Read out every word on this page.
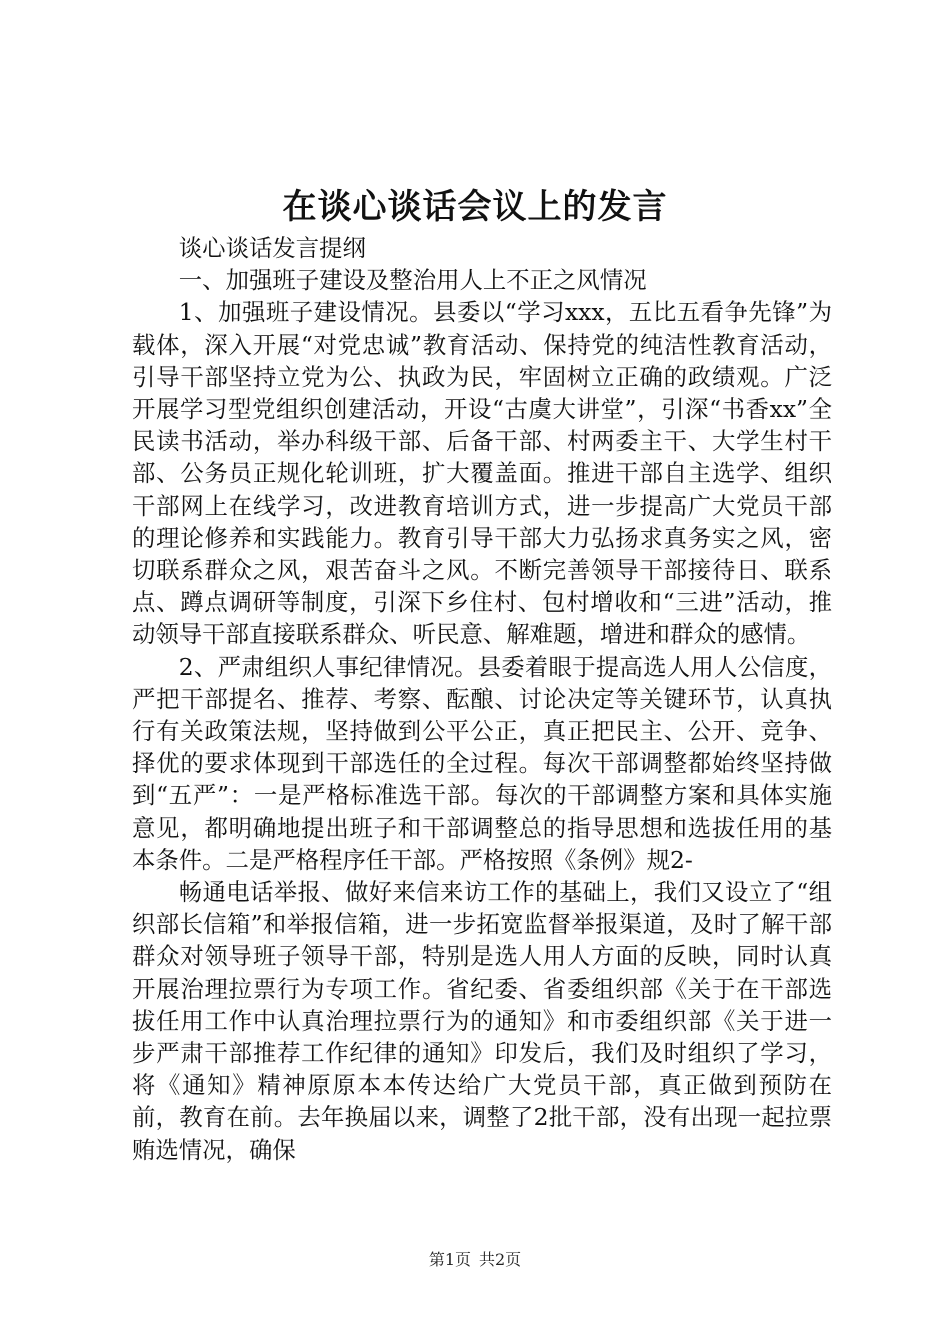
在谈心谈话会议上的发言

谈心谈话发言提纲

一、加强班子建设及整治用人上不正之风情况

1、加强班子建设情况。县委以“学习xxx，五比五看争先锋”为载体，深入开展“对党忠诚”教育活动、保持党的纯洁性教育活动，引导干部坚持立党为公、执政为民，牢固树立正确的政绩观。广泛开展学习型党组织创建活动，开设“古虞大讲堂”，引深“书香xx”全民读书活动，举办科级干部、后备干部、村两委主干、大学生村干部、公务员正规化轮训班，扩大覆盖面。推进干部自主选学、组织干部网上在线学习，改进教育培训方式，进一步提高广大党员干部的理论修养和实践能力。教育引导干部大力弘扬求真务实之风，密切联系群众之风，艰苦奋斗之风。不断完善领导干部接待日、联系点、蹲点调研等制度，引深下乡住村、包村增收和“三进”活动，推动领导干部直接联系群众、听民意、解难题，增进和群众的感情。

2、严肃组织人事纪律情况。县委着眼于提高选人用人公信度，严把干部提名、推荐、考察、酝酿、讨论决定等关键环节，认真执行有关政策法规，坚持做到公平公正，真正把民主、公开、竞争、择优的要求体现到干部选任的全过程。每次干部调整都始终坚持做到“五严”：一是严格标准选干部。每次的干部调整方案和具体实施意见，都明确地提出班子和干部调整总的指导思想和选拔任用的基本条件。二是严格程序任干部。严格按照《条例》规2-

畅通电话举报、做好来信来访工作的基础上，我们又设立了“组织部长信箱”和举报信箱，进一步拓宽监督举报渠道，及时了解干部群众对领导班子领导干部，特别是选人用人方面的反映，同时认真开展治理拉票行为专项工作。省纪委、省委组织部《关于在干部选拔任用工作中认真治理拉票行为的通知》和市委组织部《关于进一步严肃干部推荐工作纪律的通知》印发后，我们及时组织了学习，将《通知》精神原原本本传达给广大党员干部，真正做到预防在前，教育在前。去年换届以来，调整了2批干部，没有出现一起拉票贿选情况，确保

第1页 共2页
